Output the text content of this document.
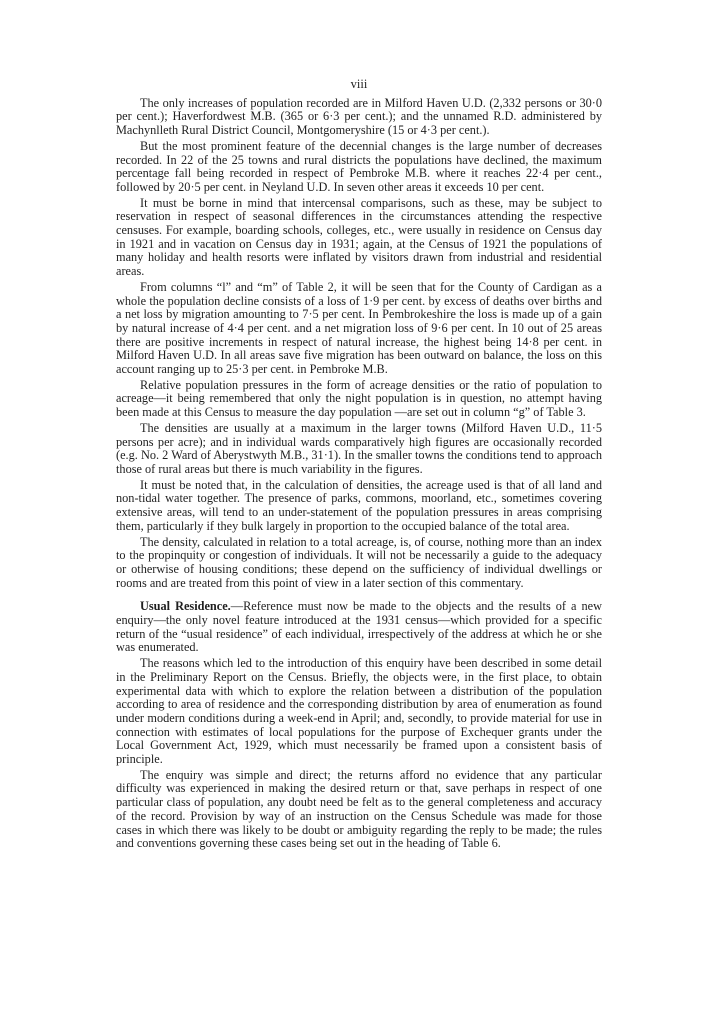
viii

The only increases of population recorded are in Milford Haven U.D. (2,332 persons or 30·0 per cent.); Haverfordwest M.B. (365 or 6·3 per cent.); and the unnamed R.D. administered by Machynlleth Rural District Council, Montgomeryshire (15 or 4·3 per cent.).

But the most prominent feature of the decennial changes is the large number of decreases recorded. In 22 of the 25 towns and rural districts the populations have declined, the maximum percentage fall being recorded in respect of Pembroke M.B. where it reaches 22·4 per cent., followed by 20·5 per cent. in Neyland U.D. In seven other areas it exceeds 10 per cent.

It must be borne in mind that intercensal comparisons, such as these, may be subject to reservation in respect of seasonal differences in the circumstances attending the respective censuses. For example, boarding schools, colleges, etc., were usually in residence on Census day in 1921 and in vacation on Census day in 1931; again, at the Census of 1921 the populations of many holiday and health resorts were inflated by visitors drawn from industrial and residential areas.

From columns “l” and “m” of Table 2, it will be seen that for the County of Cardigan as a whole the population decline consists of a loss of 1·9 per cent. by excess of deaths over births and a net loss by migration amounting to 7·5 per cent. In Pembrokeshire the loss is made up of a gain by natural increase of 4·4 per cent. and a net migration loss of 9·6 per cent. In 10 out of 25 areas there are positive increments in respect of natural increase, the highest being 14·8 per cent. in Milford Haven U.D. In all areas save five migration has been outward on balance, the loss on this account ranging up to 25·3 per cent. in Pembroke M.B.

Relative population pressures in the form of acreage densities or the ratio of population to acreage—it being remembered that only the night population is in question, no attempt having been made at this Census to measure the day population —are set out in column “g” of Table 3.

The densities are usually at a maximum in the larger towns (Milford Haven U.D., 11·5 persons per acre); and in individual wards comparatively high figures are occasionally recorded (e.g. No. 2 Ward of Aberystwyth M.B., 31·1). In the smaller towns the conditions tend to approach those of rural areas but there is much variability in the figures.

It must be noted that, in the calculation of densities, the acreage used is that of all land and non-tidal water together. The presence of parks, commons, moorland, etc., sometimes covering extensive areas, will tend to an under-statement of the population pressures in areas comprising them, particularly if they bulk largely in proportion to the occupied balance of the total area.

The density, calculated in relation to a total acreage, is, of course, nothing more than an index to the propinquity or congestion of individuals. It will not be necessarily a guide to the adequacy or otherwise of housing conditions; these depend on the sufficiency of individual dwellings or rooms and are treated from this point of view in a later section of this commentary.

Usual Residence.—Reference must now be made to the objects and the results of a new enquiry—the only novel feature introduced at the 1931 census—which provided for a specific return of the “usual residence” of each individual, irrespectively of the address at which he or she was enumerated.

The reasons which led to the introduction of this enquiry have been described in some detail in the Preliminary Report on the Census. Briefly, the objects were, in the first place, to obtain experimental data with which to explore the relation between a distribution of the population according to area of residence and the corresponding distribution by area of enumeration as found under modern conditions during a week-end in April; and, secondly, to provide material for use in connection with estimates of local populations for the purpose of Exchequer grants under the Local Government Act, 1929, which must necessarily be framed upon a consistent basis of principle.

The enquiry was simple and direct; the returns afford no evidence that any particular difficulty was experienced in making the desired return or that, save perhaps in respect of one particular class of population, any doubt need be felt as to the general completeness and accuracy of the record. Provision by way of an instruction on the Census Schedule was made for those cases in which there was likely to be doubt or ambiguity regarding the reply to be made; the rules and conventions governing these cases being set out in the heading of Table 6.
